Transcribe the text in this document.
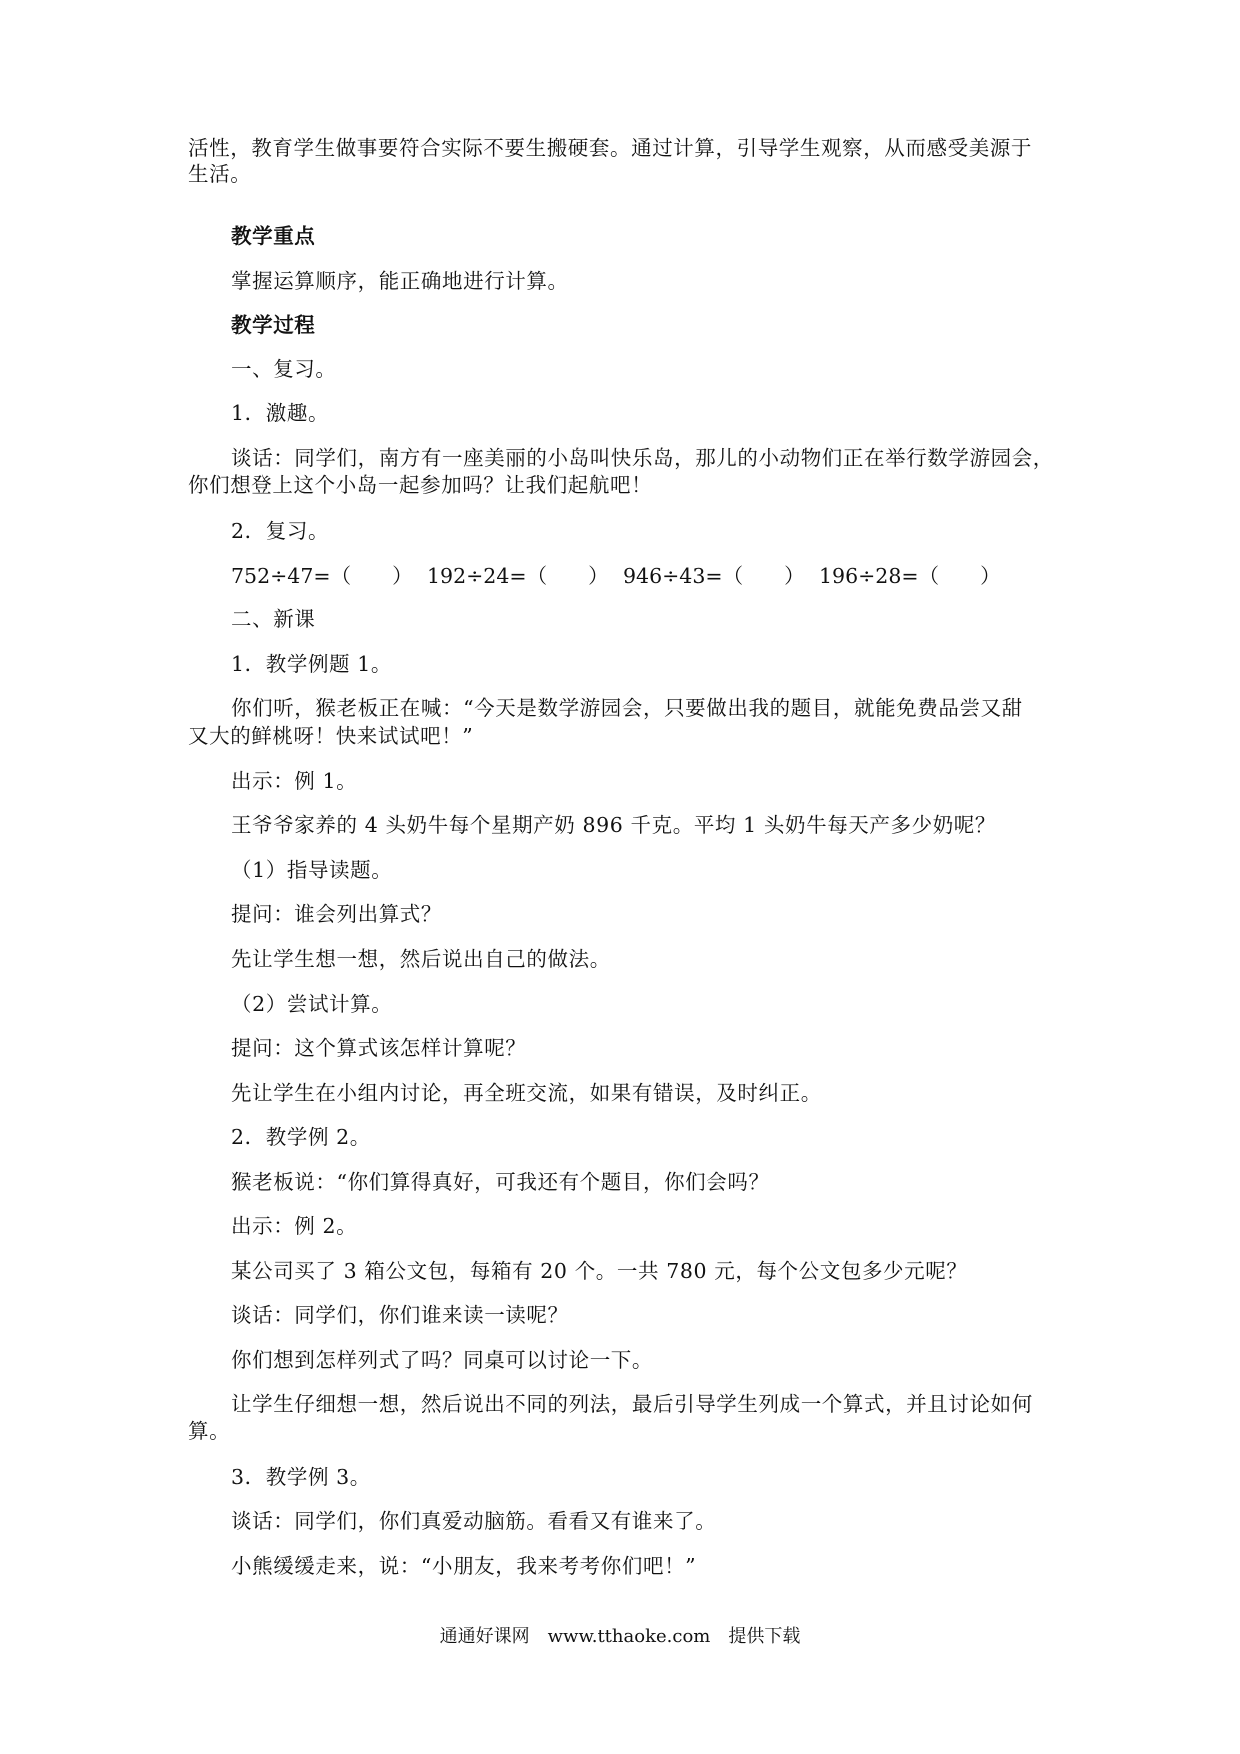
活性，教育学生做事要符合实际不要生搬硬套。通过计算，引导学生观察，从而感受美源于
生活。
教学重点
掌握运算顺序，能正确地进行计算。
教学过程
一、复习。
1．激趣。
谈话：同学们，南方有一座美丽的小岛叫快乐岛，那儿的小动物们正在举行数学游园会，
你们想登上这个小岛一起参加吗？让我们起航吧！
2．复习。
752÷47=（　　） 192÷24=（　　） 946÷43=（　　） 196÷28=（　　）
二、新课
1．教学例题 1。
你们听，猴老板正在喊：“今天是数学游园会，只要做出我的题目，就能免费品尝又甜
又大的鲜桃呀！快来试试吧！”
出示：例 1。
王爷爷家养的 4 头奶牛每个星期产奶 896 千克。平均 1 头奶牛每天产多少奶呢？
（1）指导读题。
提问：谁会列出算式？
先让学生想一想，然后说出自己的做法。
（2）尝试计算。
提问：这个算式该怎样计算呢？
先让学生在小组内讨论，再全班交流，如果有错误，及时纠正。
2．教学例 2。
猴老板说：“你们算得真好，可我还有个题目，你们会吗？
出示：例 2。
某公司买了 3 箱公文包，每箱有 20 个。一共 780 元，每个公文包多少元呢？
谈话：同学们，你们谁来读一读呢？
你们想到怎样列式了吗？同桌可以讨论一下。
让学生仔细想一想，然后说出不同的列法，最后引导学生列成一个算式，并且讨论如何
算。
3．教学例 3。
谈话：同学们，你们真爱动脑筋。看看又有谁来了。
小熊缓缓走来，说：“小朋友，我来考考你们吧！”
通通好课网　www.tthaoke.com　提供下载
